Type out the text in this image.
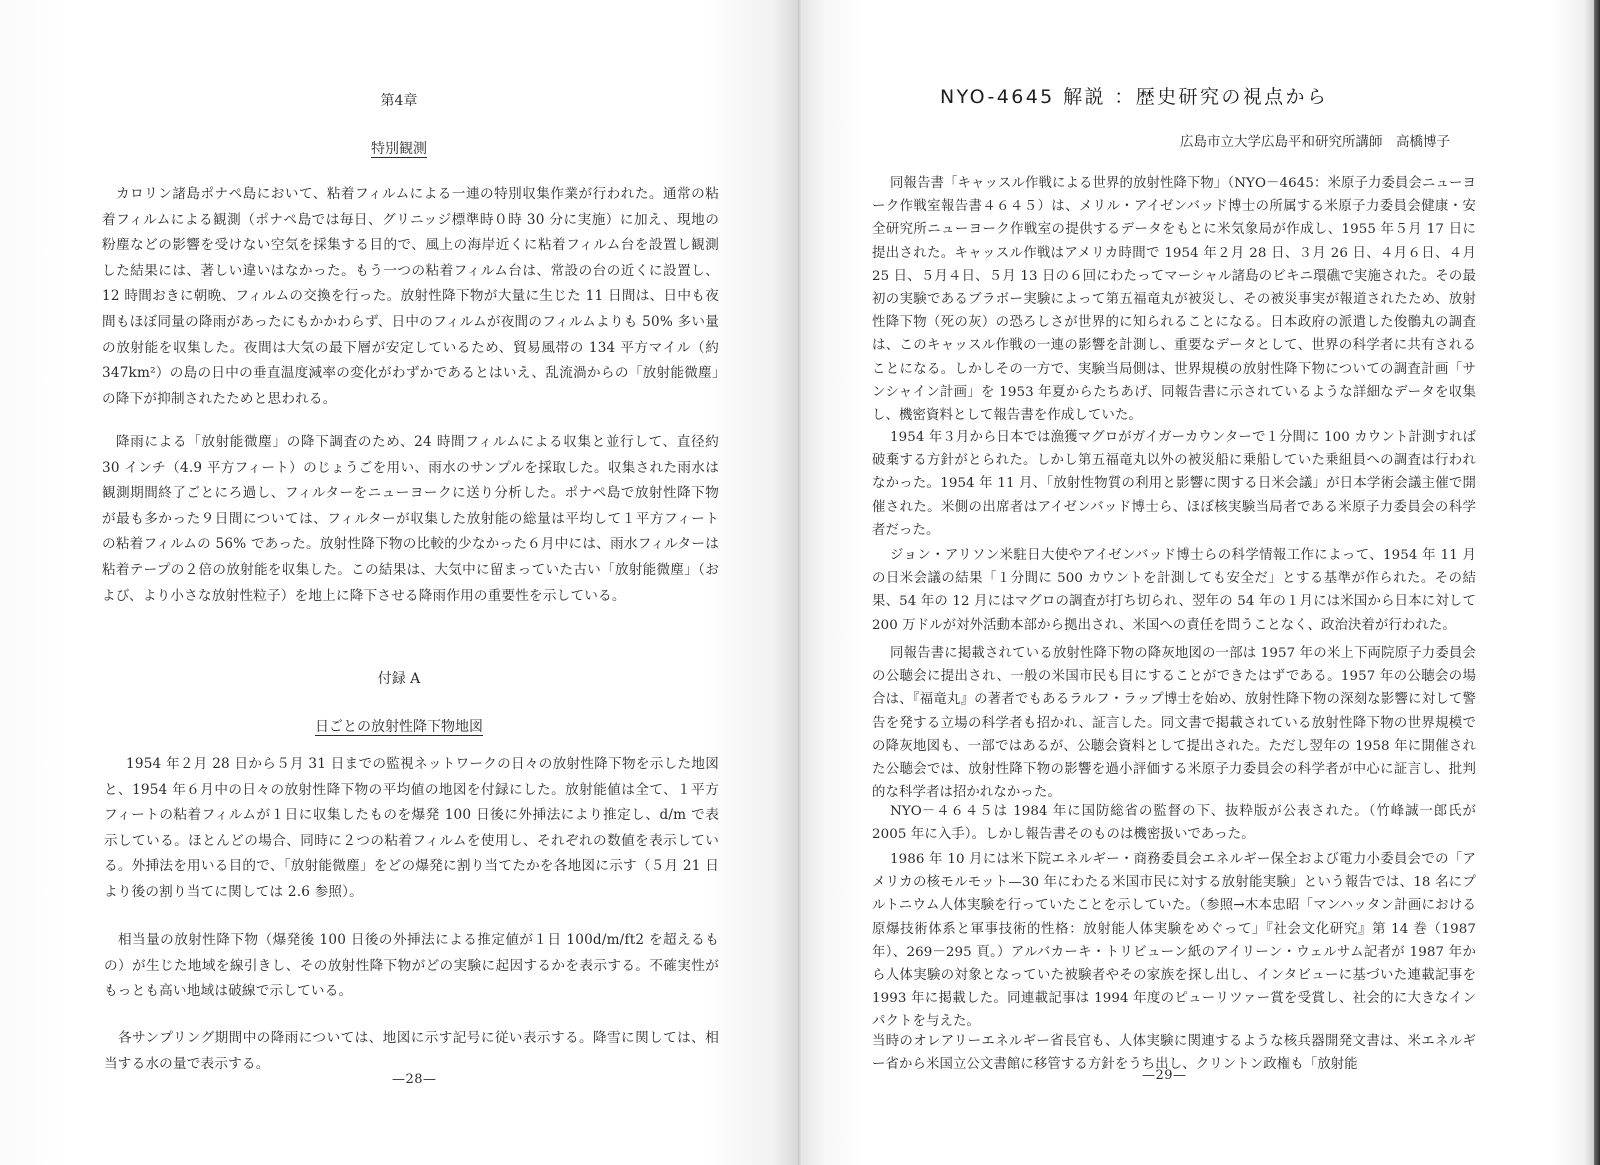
第4章
特別観測

カロリン諸島ポナペ島において、粘着フィルムによる一連の特別収集作業が行われた。通常の粘着フィルムによる観測（ポナペ島では毎日、グリニッジ標準時０時 30 分に実施）に加え、現地の粉塵などの影響を受けない空気を採集する目的で、風上の海岸近くに粘着フィルム台を設置し観測した結果には、著しい違いはなかった。もう一つの粘着フィルム台は、常設の台の近くに設置し、12 時間おきに朝晩、フィルムの交換を行った。放射性降下物が大量に生じた 11 日間は、日中も夜間もほぼ同量の降雨があったにもかかわらず、日中のフィルムが夜間のフィルムよりも 50% 多い量の放射能を収集した。夜間は大気の最下層が安定しているため、貿易風帯の 134 平方マイル（約 347km²）の島の日中の垂直温度減率の変化がわずかであるとはいえ、乱流渦からの「放射能微塵」の降下が抑制されたためと思われる。

降雨による「放射能微塵」の降下調査のため、24 時間フィルムによる収集と並行して、直径約 30 インチ（4.9 平方フィート）のじょうごを用い、雨水のサンプルを採取した。収集された雨水は観測期間終了ごとにろ過し、フィルターをニューヨークに送り分析した。ポナペ島で放射性降下物が最も多かった９日間については、フィルターが収集した放射能の総量は平均して１平方フィートの粘着フィルムの 56% であった。放射性降下物の比較的少なかった６月中には、雨水フィルターは粘着テープの２倍の放射能を収集した。この結果は、大気中に留まっていた古い「放射能微塵」（および、より小さな放射性粒子）を地上に降下させる降雨作用の重要性を示している。

付録 A
日ごとの放射性降下物地図

1954 年２月 28 日から５月 31 日までの監視ネットワークの日々の放射性降下物を示した地図と、1954 年６月中の日々の放射性降下物の平均値の地図を付録にした。放射能値は全て、１平方フィートの粘着フィルムが１日に収集したものを爆発 100 日後に外挿法により推定し、d/m で表示している。ほとんどの場合、同時に２つの粘着フィルムを使用し、それぞれの数値を表示している。外挿法を用いる目的で、「放射能微塵」をどの爆発に割り当てたかを各地図に示す（５月 21 日より後の割り当てに関しては 2.6 参照）。

相当量の放射性降下物（爆発後 100 日後の外挿法による推定値が１日 100d/m/ft2 を超えるもの）が生じた地域を線引きし、その放射性降下物がどの実験に起因するかを表示する。不確実性がもっとも高い地域は破線で示している。

各サンプリング期間中の降雨については、地図に示す記号に従い表示する。降雪に関しては、相当する水の量で表示する。

—28—
NYO-4645 解説 ：歴史研究の視点から
広島市立大学広島平和研究所講師　高橋博子

同報告書「キャッスル作戦による世界的放射性降下物」（NYO－4645：米原子力委員会ニューヨーク作戦室報告書４６４５）は、メリル・アイゼンバッド博士の所属する米原子力委員会健康・安全研究所ニューヨーク作戦室の提供するデータをもとに米気象局が作成し、1955 年５月 17 日に提出された。キャッスル作戦はアメリカ時間で 1954 年２月 28 日、３月 26 日、４月６日、４月 25 日、５月４日、５月 13 日の６回にわたってマーシャル諸島のビキニ環礁で実施された。その最初の実験であるブラボー実験によって第五福竜丸が被災し、その被災事実が報道されたため、放射性降下物（死の灰）の恐ろしさが世界的に知られることになる。日本政府の派遣した俊鶻丸の調査は、このキャッスル作戦の一連の影響を計測し、重要なデータとして、世界の科学者に共有されることになる。しかしその一方で、実験当局側は、世界規模の放射性降下物についての調査計画「サンシャイン計画」を 1953 年夏からたちあげ、同報告書に示されているような詳細なデータを収集し、機密資料として報告書を作成していた。

1954 年３月から日本では漁獲マグロがガイガーカウンターで１分間に 100 カウント計測すれば破棄する方針がとられた。しかし第五福竜丸以外の被災船に乗船していた乗組員への調査は行われなかった。1954 年 11 月、「放射性物質の利用と影響に関する日米会議」が日本学術会議主催で開催された。米側の出席者はアイゼンバッド博士ら、ほぼ核実験当局者である米原子力委員会の科学者だった。

ジョン・アリソン米駐日大使やアイゼンバッド博士らの科学情報工作によって、1954 年 11 月の日米会議の結果「１分間に 500 カウントを計測しても安全だ」とする基準が作られた。その結果、54 年の 12 月にはマグロの調査が打ち切られ、翌年の 54 年の１月には米国から日本に対して 200 万ドルが対外活動本部から拠出され、米国への責任を問うことなく、政治決着が行われた。

同報告書に掲載されている放射性降下物の降灰地図の一部は 1957 年の米上下両院原子力委員会の公聴会に提出され、一般の米国市民も目にすることができたはずである。1957 年の公聴会の場合は、『福竜丸』の著者でもあるラルフ・ラップ博士を始め、放射性降下物の深刻な影響に対して警告を発する立場の科学者も招かれ、証言した。同文書で掲載されている放射性降下物の世界規模での降灰地図も、一部ではあるが、公聴会資料として提出された。ただし翌年の 1958 年に開催された公聴会では、放射性降下物の影響を過小評価する米原子力委員会の科学者が中心に証言し、批判的な科学者は招かれなかった。

NYO－４６４５は 1984 年に国防総省の監督の下、抜粋版が公表された。（竹峰誠一郎氏が 2005 年に入手）。しかし報告書そのものは機密扱いであった。

1986 年 10 月には米下院エネルギー・商務委員会エネルギー保全および電力小委員会での「アメリカの核モルモット—30 年にわたる米国市民に対する放射能実験」という報告では、18 名にプルトニウム人体実験を行っていたことを示していた。（参照→木本忠昭「マンハッタン計画における原爆技術体系と軍事技術的性格：放射能人体実験をめぐって」『社会文化研究』第 14 巻（1987 年）、269－295 頁。）アルバカーキ・トリビューン紙のアイリーン・ウェルサム記者が 1987 年から人体実験の対象となっていた被験者やその家族を探し出し、インタビューに基づいた連載記事を 1993 年に掲載した。同連載記事は 1994 年度のピューリツァー賞を受賞し、社会的に大きなインパクトを与えた。

当時のオレアリーエネルギー省長官も、人体実験に関連するような核兵器開発文書は、米エネルギー省から米国立公文書館に移管する方針をうち出し、クリントン政権も「放射能

—29—
